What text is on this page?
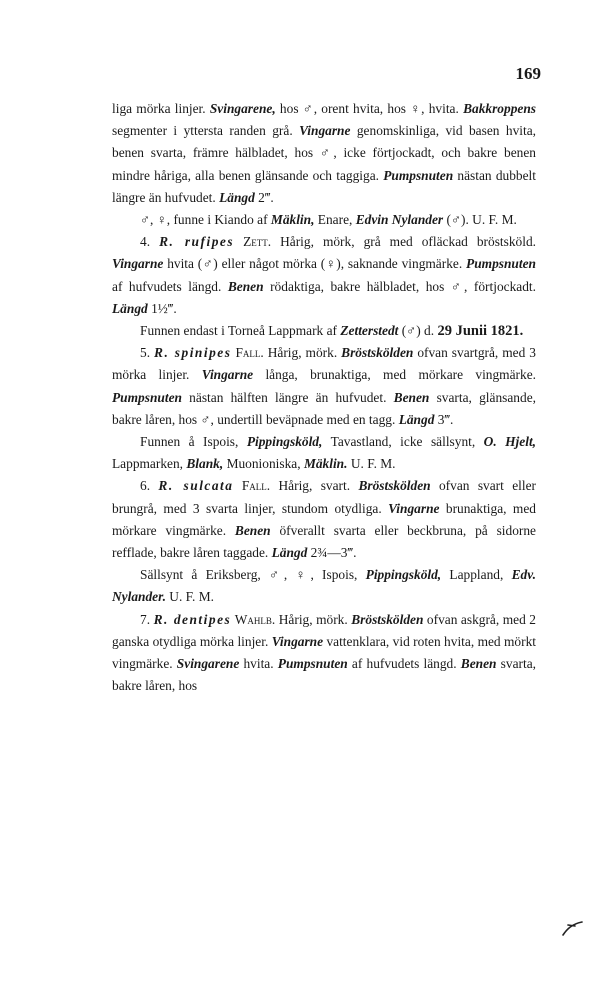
169

liga mörka linjer. Svingarene, hos ♂, orent hvita, hos ♀, hvita. Bakkroppens segmenter i yttersta randen grå. Vingarne genomskinliga, vid basen hvita, benen svarta, främre hälbladet, hos ♂, icke förtjockadt, och bakre benen mindre håriga, alla benen glänsande och taggiga. Pumpsnuten nästan dubbelt längre än hufvudet. Längd 2‴.

♂, ♀, funne i Kiando af Mäklin, Enare, Edvin Nylander (♂). U. F. M.

4. R. rufipes Zett. Hårig, mörk, grå med ofläckad bröstsköld. Vingarne hvita (♂) eller något mörka (♀), saknande vingmärke. Pumpsnuten af hufvudets längd. Benen rödaktiga, bakre hälbladet, hos ♂, förtjockadt. Längd 1½‴.

Funnen endast i Torneå Lappmark af Zetterstedt (♂) d. 29 Junii 1821.

5. R. spinipes Fall. Hårig, mörk. Bröstskölden ofvan svartgrå, med 3 mörka linjer. Vingarne långa, brunaktiga, med mörkare vingmärke. Pumpsnuten nästan hälften längre än hufvudet. Benen svarta, glänsande, bakre låren, hos ♂, undertill beväpnade med en tagg. Längd 3‴.

Funnen å Ispois, Pippingsköld, Tavastland, icke sällsynt, O. Hjelt, Lappmarken, Blank, Muonioniska, Mäklin. U. F. M.

6. R. sulcata Fall. Hårig, svart. Bröstskölden ofvan svart eller brungrå, med 3 svarta linjer, stundom otydliga. Vingarne brunaktiga, med mörkare vingmärke. Benen öfverallt svarta eller beckbruna, på sidorne refflade, bakre låren taggade. Längd 2¾—3‴.

Sällsynt å Eriksberg, ♂, ♀, Ispois, Pippingsköld, Lappland, Edv. Nylander. U. F. M.

7. R. dentipes Wahlb. Hårig, mörk. Bröstskölden ofvan askgrå, med 2 ganska otydliga mörka linjer. Vingarne vattenklara, vid roten hvita, med mörkt vingmärke. Svingarene hvita. Pumpsnuten af hufvudets längd. Benen svarta, bakre låren, hos
